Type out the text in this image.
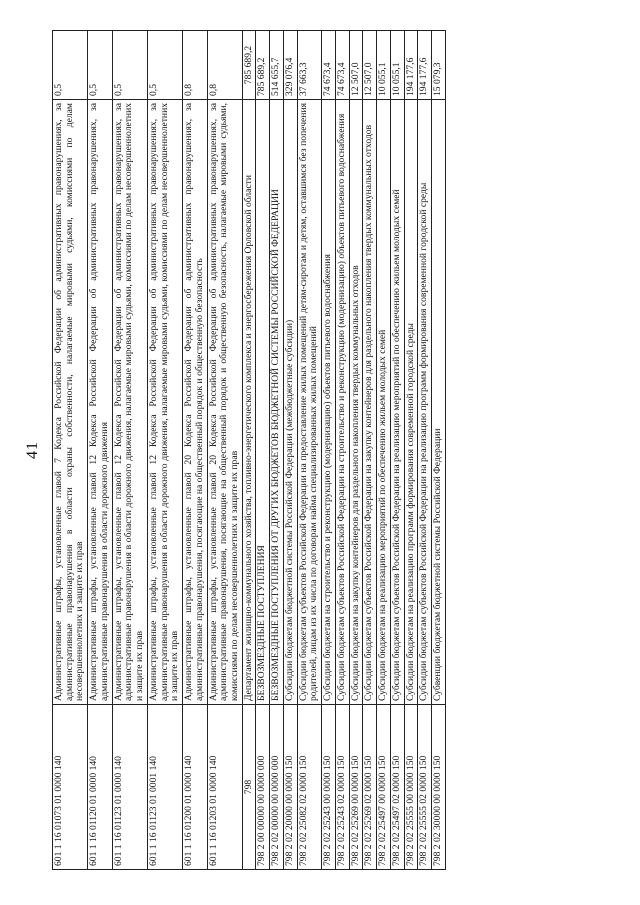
41
601 1 16 01073 01 0000 140	Административные штрафы, установленные главой 7 Кодекса Российской Федерации об административных правонарушениях, за административные правонарушения в области охраны собственности, налагаемые мировыми судьями, комиссиями по делам несовершеннолетних и защите их прав	0,5
601 1 16 01120 01 0000 140	Административные штрафы, установленные главой 12 Кодекса Российской Федерации об административных правонарушениях, за административные правонарушения в области дорожного движения	0,5
601 1 16 01123 01 0000 140	Административные штрафы, установленные главой 12 Кодекса Российской Федерации об административных правонарушениях, за административные правонарушения в области дорожного движения, налагаемые мировыми судьями, комиссиями по делам несовершеннолетних и защите их прав	0,5
601 1 16 01123 01 0001 140	Административные штрафы, установленные главой 12 Кодекса Российской Федерации об административных правонарушениях, за административные правонарушения в области дорожного движения, налагаемые мировыми судьями, комиссиями по делам несовершеннолетних и защите их прав	0,5
601 1 16 01200 01 0000 140	Административные штрафы, установленные главой 20 Кодекса Российской Федерации об административных правонарушениях, за административные правонарушения, посягающие на общественный порядок и общественную безопасность	0,8
601 1 16 01203 01 0000 140	Административные штрафы, установленные главой 20 Кодекса Российской Федерации об административных правонарушениях, за административные правонарушения, посягающие на общественный порядок и общественную безопасность, налагаемые мировыми судьями, комиссиями по делам несовершеннолетних и защите их прав	0,8
798	Департамент жилищно-коммунального хозяйства, топливно-энергетического комплекса и энергосбережения Орловской области	785 689,2
798 2 00 00000 00 0000 000	БЕЗВОЗМЕЗДНЫЕ ПОСТУПЛЕНИЯ	785 689,2
798 2 02 00000 00 0000 000	БЕЗВОЗМЕЗДНЫЕ ПОСТУПЛЕНИЯ ОТ ДРУГИХ БЮДЖЕТОВ БЮДЖЕТНОЙ СИСТЕМЫ РОССИЙСКОЙ ФЕДЕРАЦИИ	514 655,7
798 2 02 20000 00 0000 150	Субсидии бюджетам бюджетной системы Российской Федерации (межбюджетные субсидии)	329 076,4
798 2 02 25082 02 0000 150	Субсидии бюджетам субъектов Российской Федерации на предоставление жилых помещений детям-сиротам и детям, оставшимся без попечения родителей, лицам из их числа по договорам найма специализированных жилых помещений	37 663,3
798 2 02 25243 00 0000 150	Субсидии бюджетам на строительство и реконструкцию (модернизацию) объектов питьевого водоснабжения	74 673,4
798 2 02 25243 02 0000 150	Субсидии бюджетам субъектов Российской Федерации на строительство и реконструкцию (модернизацию) объектов питьевого водоснабжения	74 673,4
798 2 02 25269 00 0000 150	Субсидии бюджетам на закупку контейнеров для раздельного накопления твердых коммунальных отходов	12 507,0
798 2 02 25269 02 0000 150	Субсидии бюджетам субъектов Российской Федерации на закупку контейнеров для раздельного накопления твердых коммунальных отходов	12 507,0
798 2 02 25497 00 0000 150	Субсидии бюджетам на реализацию мероприятий по обеспечению жильем молодых семей	10 055,1
798 2 02 25497 02 0000 150	Субсидии бюджетам субъектов Российской Федерации на реализацию мероприятий по обеспечению жильем молодых семей	10 055,1
798 2 02 25555 00 0000 150	Субсидии бюджетам на реализацию программ формирования современной городской среды	194 177,6
798 2 02 25555 02 0000 150	Субсидии бюджетам субъектов Российской Федерации на реализацию программ формирования современной городской среды	194 177,6
798 2 02 30000 00 0000 150	Субвенции бюджетам бюджетной системы Российской Федерации	15 079,3
